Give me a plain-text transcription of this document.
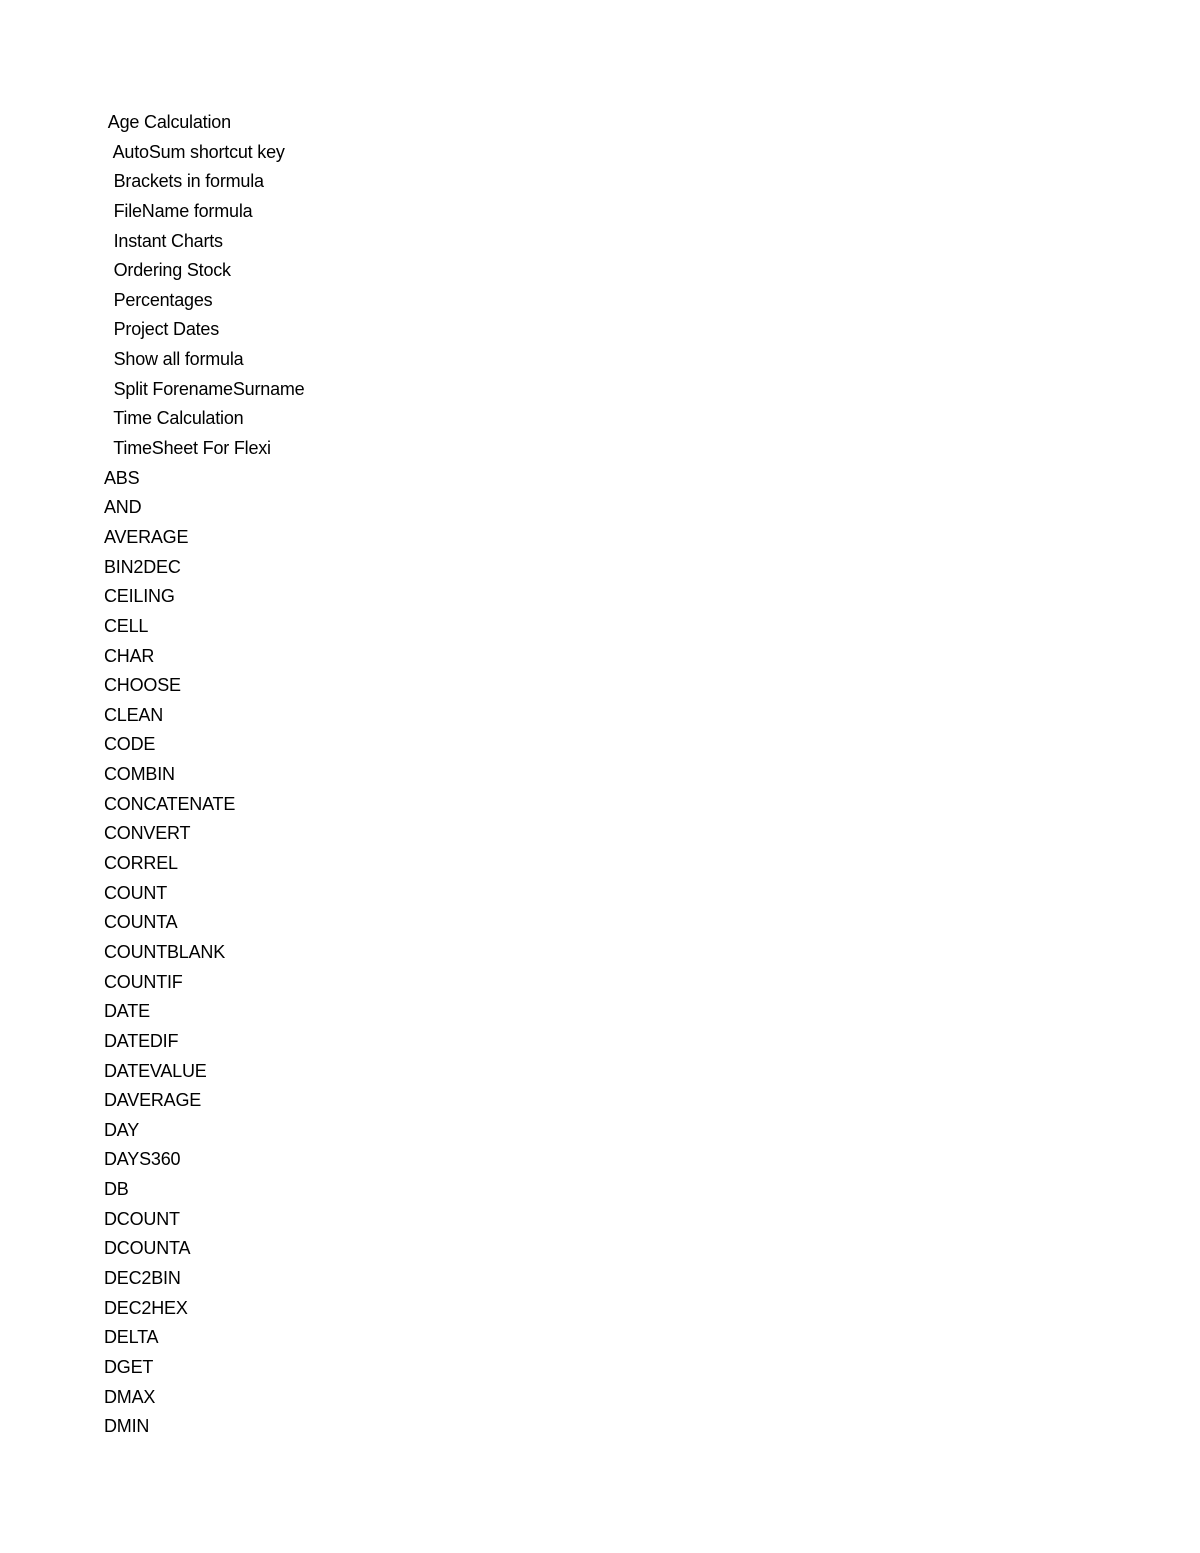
Age Calculation
AutoSum shortcut key
Brackets in formula
FileName formula
Instant Charts
Ordering Stock
Percentages
Project Dates
Show all formula
Split ForenameSurname
Time Calculation
TimeSheet For Flexi
ABS
AND
AVERAGE
BIN2DEC
CEILING
CELL
CHAR
CHOOSE
CLEAN
CODE
COMBIN
CONCATENATE
CONVERT
CORREL
COUNT
COUNTA
COUNTBLANK
COUNTIF
DATE
DATEDIF
DATEVALUE
DAVERAGE
DAY
DAYS360
DB
DCOUNT
DCOUNTA
DEC2BIN
DEC2HEX
DELTA
DGET
DMAX
DMIN
